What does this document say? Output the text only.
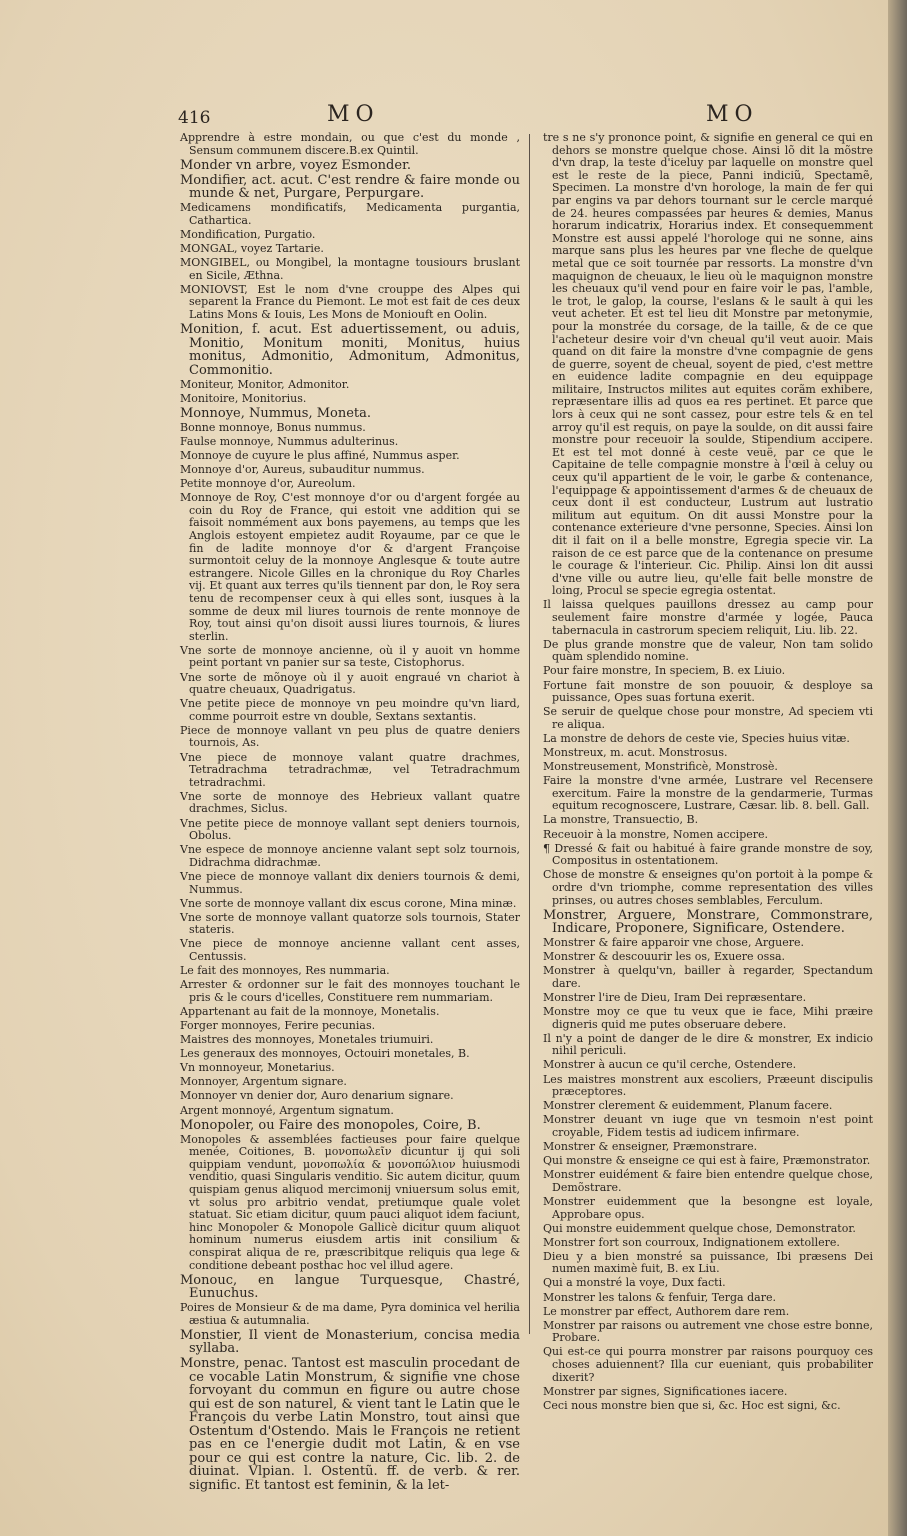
416	MO	MO

Apprendre à estre mondain, ou que c'est du monde , Sensum communem discere.B.ex Quintil.

Monder vn arbre, voyez Esmonder.

Mondifier, act. acut. C'est rendre & faire monde ou munde & net, Purgare, Perpurgare.

Medicamens mondificatifs, Medicamenta purgantia, Cathartica.

Mondification, Purgatio.

MONGAL, voyez Tartarie.

MONGIBEL, ou Mongibel, la montagne tousiours bruslant en Sicile, Æthna.

MONIOVST, Est le nom d'vne crouppe des Alpes qui separent la France du Piemont. Le mot est fait de ces deux Latins Mons & Iouis, Les Mons de Moniouft en Oolin.

Monition, f. acut. Est aduertissement, ou aduis, Monitio, Monitum moniti, Monitus, huius monitus, Admonitio, Admonitum, Admonitus, Commonitio.

Moniteur, Monitor, Admonitor.

Monitoire, Monitorius.

Monnoye, Nummus, Moneta.

Bonne monnoye, Bonus nummus.

Faulse monnoye, Nummus adulterinus.

Monnoye de cuyure le plus affiné, Nummus asper.

Monnoye d'or, Aureus, subauditur nummus.

Petite monnoye d'or, Aureolum.

Monnoye de Roy, C'est monnoye d'or ou d'argent forgée au coin du Roy de France, qui estoit vne addition qui se faisoit nommément aux bons payemens, au temps que les Anglois estoyent empietez audit Royaume, par ce que le fin de ladite monnoye d'or & d'argent Françoise surmontoit celuy de la monnoye Anglesque & toute autre estrangere. Nicole Gilles en la chronique du Roy Charles vij. Et quant aux terres qu'ils tiennent par don, le Roy sera tenu de recompenser ceux à qui elles sont, iusques à la somme de deux mil liures tournois de rente monnoye de Roy, tout ainsi qu'on disoit aussi liures tournois, & liures sterlin.

Vne sorte de monnoye ancienne, où il y auoit vn homme peint portant vn panier sur sa teste, Cistophorus.

Vne sorte de mõnoye où il y auoit engraué vn chariot à quatre cheuaux, Quadrigatus.

Vne petite piece de monnoye vn peu moindre qu'vn liard, comme pourroit estre vn double, Sextans sextantis.

Piece de monnoye vallant vn peu plus de quatre deniers tournois, As.

Vne piece de monnoye valant quatre drachmes, Tetradrachma tetradrachmæ, vel Tetradrachmum tetradrachmi.

Vne sorte de monnoye des Hebrieux vallant quatre drachmes, Siclus.

Vne petite piece de monnoye vallant sept deniers tournois, Obolus.

Vne espece de monnoye ancienne valant sept solz tournois, Didrachma didrachmæ.

Vne piece de monnoye vallant dix deniers tournois & demi, Nummus.

Vne sorte de monnoye vallant dix escus corone, Mina minæ.

Vne sorte de monnoye vallant quatorze sols tournois, Stater stateris.

Vne piece de monnoye ancienne vallant cent asses, Centussis.

Le fait des monnoyes, Res nummaria.

Arrester & ordonner sur le fait des monnoyes touchant le pris & le cours d'icelles, Constituere rem nummariam.

Appartenant au fait de la monnoye, Monetalis.

Forger monnoyes, Ferire pecunias.

Maistres des monnoyes, Monetales triumuiri.

Les generaux des monnoyes, Octouiri monetales, B.

Vn monnoyeur, Monetarius.

Monnoyer, Argentum signare.

Monnoyer vn denier dor, Auro denarium signare.

Argent monnoyé, Argentum signatum.

Monopoler, ou Faire des monopoles, Coire, B.

Monopoles & assemblées factieuses pour faire quelque menée, Coitiones, B. μονοπωλεῖν dicuntur ij qui soli quippiam vendunt, μονοπωλία & μονοπώλιον huiusmodi venditio, quasi Singularis venditio. Sic autem dicitur, quum quispiam genus aliquod mercimonij vniuersum solus emit, vt solus pro arbitrio vendat, pretiumque quale volet statuat. Sic etiam dicitur, quum pauci aliquot idem faciunt, hinc Monopoler & Monopole Gallicè dicitur quum aliquot hominum numerus eiusdem artis init consilium & conspirat aliqua de re, præscribitque reliquis qua lege & conditione debeant posthac hoc vel illud agere.

Monouc, en langue Turquesque, Chastré, Eunuchus.

Poires de Monsieur & de ma dame, Pyra dominica vel herilia æstiua & autumnalia.

Monstier, Il vient de Monasterium, concisa media syllaba.

Monstre, penac. Tantost est masculin procedant de ce vocable Latin Monstrum, & signifie vne chose forvoyant du commun en figure ou autre chose qui est de son naturel, & vient tant le Latin que le François du verbe Latin Monstro, tout ainsi que Ostentum d'Ostendo. Mais le François ne retient pas en ce l'energie dudit mot Latin, & en vse pour ce qui est contre la nature, Cic. lib. 2. de diuinat. Vlpian. l. Ostentũ. ff. de verb. & rer. signific. Et tantost est feminin, & la let-

tre s ne s'y prononce point, & signifie en general ce qui en dehors se monstre quelque chose. Ainsi lõ dit la mõstre d'vn drap, la teste d'iceluy par laquelle on monstre quel est le reste de la piece, Panni indiciũ, Spectamẽ, Specimen. La monstre d'vn horologe, la main de fer qui par engins va par dehors tournant sur le cercle marqué de 24. heures compassées par heures & demies, Manus horarum indicatrix, Horarius index. Et consequemment Monstre est aussi appelé l'horologe qui ne sonne, ains marque sans plus les heures par vne fleche de quelque metal que ce soit tournée par ressorts. La monstre d'vn maquignon de cheuaux, le lieu où le maquignon monstre les cheuaux qu'il vend pour en faire voir le pas, l'amble, le trot, le galop, la course, l'eslans & le sault à qui les veut acheter. Et est tel lieu dit Monstre par metonymie, pour la monstrée du corsage, de la taille, & de ce que l'acheteur desire voir d'vn cheual qu'il veut auoir. Mais quand on dit faire la monstre d'vne compagnie de gens de guerre, soyent de cheual, soyent de pied, c'est mettre en euidence ladite compagnie en deu equippage militaire, Instructos milites aut equites corãm exhibere, repræsentare illis ad quos ea res pertinet. Et parce que lors à ceux qui ne sont cassez, pour estre tels & en tel arroy qu'il est requis, on paye la soulde, on dit aussi faire monstre pour receuoir la soulde, Stipendium accipere. Et est tel mot donné à ceste veuë, par ce que le Capitaine de telle compagnie monstre à l'œil à celuy ou ceux qu'il appartient de le voir, le garbe & contenance, l'equippage & appointissement d'armes & de cheuaux de ceux dont il est conducteur, Lustrum aut lustratio militum aut equitum. On dit aussi Monstre pour la contenance exterieure d'vne personne, Species. Ainsi lon dit il fait on il a belle monstre, Egregia specie vir. La raison de ce est parce que de la contenance on presume le courage & l'interieur. Cic. Philip. Ainsi lon dit aussi d'vne ville ou autre lieu, qu'elle fait belle monstre de loing, Procul se specie egregia ostentat.

Il laissa quelques pauillons dressez au camp pour seulement faire monstre d'armée y logée, Pauca tabernacula in castrorum speciem reliquit, Liu. lib. 22.

De plus grande monstre que de valeur, Non tam solido quàm splendido nomine.

Pour faire monstre, In speciem, B. ex Liuio.

Fortune fait monstre de son pouuoir, & desployе sa puissance, Opes suas fortuna exerit.

Se seruir de quelque chose pour monstre, Ad speciem vti re aliqua.

La monstre de dehors de ceste vie, Species huius vitæ.

Monstreux, m. acut. Monstrosus.

Monstreusement, Monstrificè, Monstrosè.

Faire la monstre d'vne armée, Lustrare vel Recensere exercitum. Faire la monstre de la gendarmerie, Turmas equitum recognoscere, Lustrare, Cæsar. lib. 8. bell. Gall.

La monstre, Transuectio, B.

Receuoir à la monstre, Nomen accipere.

¶ Dressé & fait ou habitué à faire grande monstre de soy, Compositus in ostentationem.

Chose de monstre & enseignes qu'on portoit à la pompe & ordre d'vn triomphe, comme representation des villes prinses, ou autres choses semblables, Ferculum.

Monstrer, Arguere, Monstrare, Commonstrare, Indicare, Proponere, Significare, Ostendere.

Monstrer & faire apparoir vne chose, Arguere.

Monstrer & descouurir les os, Exuere ossa.

Monstrer à quelqu'vn, bailler à regarder, Spectandum dare.

Monstrer l'ire de Dieu, Iram Dei repræsentare.

Monstre moy ce que tu veux que ie face, Mihi præire digneris quid me putes obseruare debere.

Il n'y a point de danger de le dire & monstrer, Ex indicio nihil periculi.

Monstrer à aucun ce qu'il cerche, Ostendere.

Les maistres monstrent aux escoliers, Præeunt discipulis præceptores.

Monstrer clerement & euidemment, Planum facere.

Monstrer deuant vn iuge que vn tesmoin n'est point croyable, Fidem testis ad iudicem infirmare.

Monstrer & enseigner, Præmonstrare.

Qui monstre & enseigne ce qui est à faire, Præmonstrator.

Monstrer euidément & faire bien entendre quelque chose, Demõstrare.

Monstrer euidemment que la besongne est loyale, Approbare opus.

Qui monstre euidemment quelque chose, Demonstrator.

Monstrer fort son courroux, Indignationem extollere.

Dieu y a bien monstré sa puissance, Ibi præsens Dei numen maximè fuit, B. ex Liu.

Qui a monstré la voye, Dux facti.

Monstrer les talons & fenfuir, Terga dare.

Le monstrer par effect, Authorem dare rem.

Monstrer par raisons ou autrement vne chose estre bonne, Probare.

Qui est-ce qui pourra monstrer par raisons pourquoy ces choses aduiennent? Illa cur eueniant, quis probabiliter dixerit?

Monstrer par signes, Significationes iacere.

Ceci nous monstre bien que si, &c. Hoc est signi, &c.
